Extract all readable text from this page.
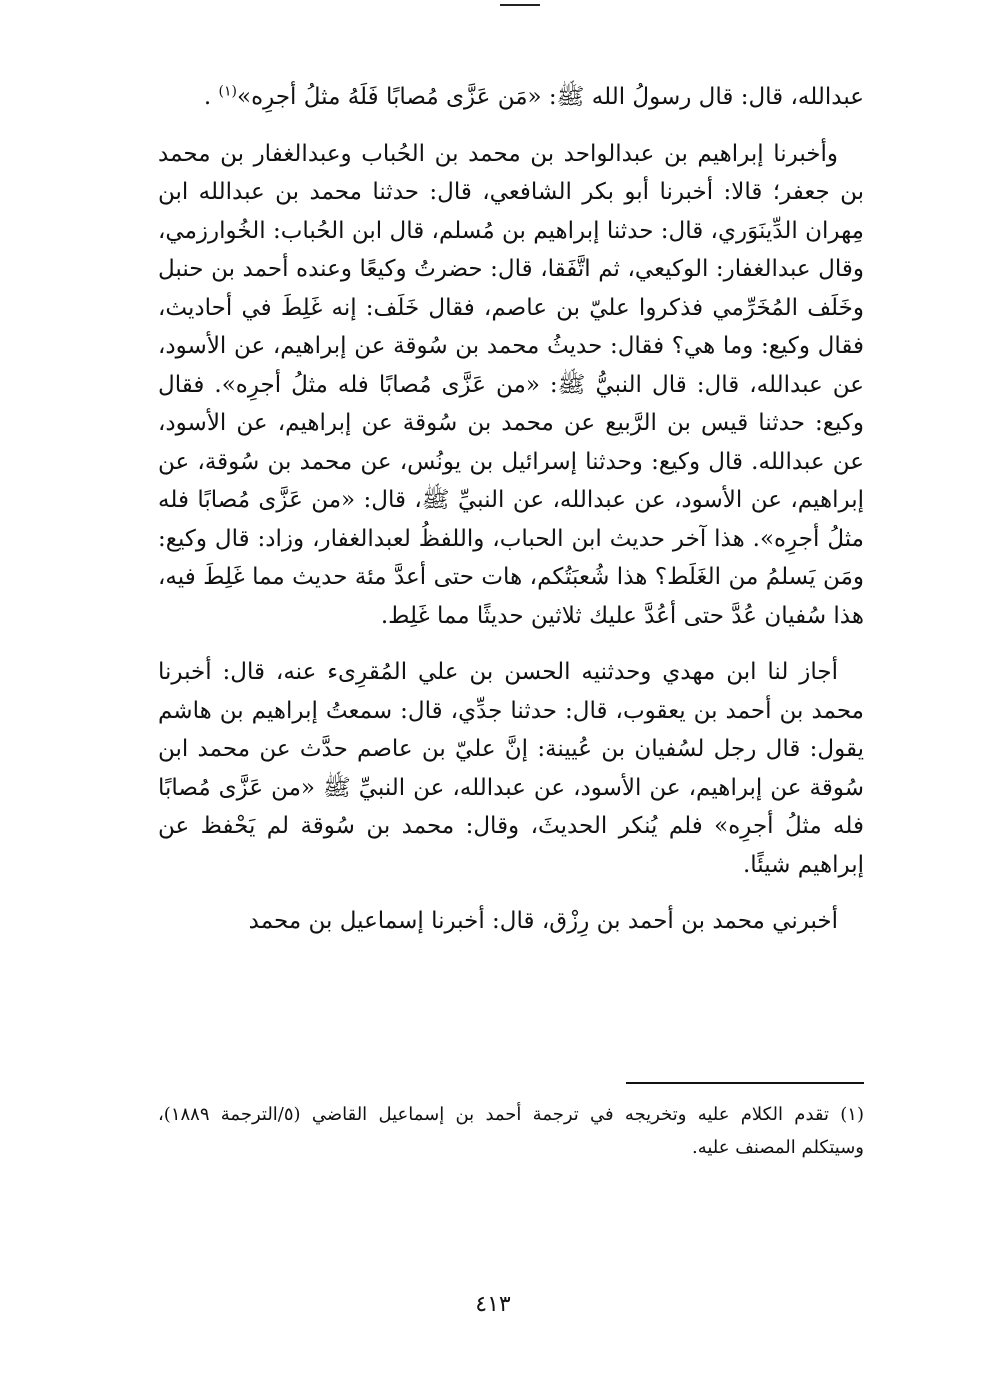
عبدالله، قال: قال رسولُ الله ﷺ: «مَن عَزَّى مُصابًا فَلَهُ مثلُ أجرِه»$^{(١)}$ .

وأخبرنا إبراهيم بن عبدالواحد بن محمد بن الحُباب وعبدالغفار بن محمد بن جعفر؛ قالا: أخبرنا أبو بكر الشافعي، قال: حدثنا محمد بن عبدالله ابن مِهران الدِّينَوَري، قال: حدثنا إبراهيم بن مُسلم، قال ابن الحُباب: الخُوارزمي، وقال عبدالغفار: الوكيعي، ثم اتَّفَقا، قال: حضرتُ وكيعًا وعنده أحمد بن حنبل وخَلَف المُخَرِّمي فذكروا عليّ بن عاصم، فقال خَلَف: إنه غَلِطَ في أحاديث، فقال وكيع: وما هي؟ فقال: حديثُ محمد بن سُوقة عن إبراهيم، عن الأسود، عن عبدالله، قال: قال النبيُّ ﷺ: «من عَزَّى مُصابًا فله مثلُ أجرِه». فقال وكيع: حدثنا قيس بن الرَّبيع عن محمد بن سُوقة عن إبراهيم، عن الأسود، عن عبدالله. قال وكيع: وحدثنا إسرائيل بن يونُس، عن محمد بن سُوقة، عن إبراهيم، عن الأسود، عن عبدالله، عن النبيِّ ﷺ، قال: «من عَزَّى مُصابًا فله مثلُ أجرِه». هذا آخر حديث ابن الحباب، واللفظُ لعبدالغفار، وزاد: قال وكيع: ومَن يَسلمُ من الغَلَط؟ هذا شُعبَتُكم، هات حتى أعدَّ مئة حديث مما غَلِطَ فيه، هذا سُفيان عُدَّ حتى أعُدَّ عليك ثلاثين حديثًا مما غَلِط.

أجاز لنا ابن مهدي وحدثنيه الحسن بن علي المُقرِىء عنه، قال: أخبرنا محمد بن أحمد بن يعقوب، قال: حدثنا جدِّي، قال: سمعتُ إبراهيم بن هاشم يقول: قال رجل لسُفيان بن عُيينة: إنَّ عليّ بن عاصم حدَّث عن محمد ابن سُوقة عن إبراهيم، عن الأسود، عن عبدالله، عن النبيِّ ﷺ «من عَزَّى مُصابًا فله مثلُ أجرِه» فلم يُنكر الحديثَ، وقال: محمد بن سُوقة لم يَحْفظ عن إبراهيم شيئًا.

أخبرني محمد بن أحمد بن رِزْق، قال: أخبرنا إسماعيل بن محمد

(١) تقدم الكلام عليه وتخريجه في ترجمة أحمد بن إسماعيل القاضي (٥/الترجمة ١٨٨٩)، وسيتكلم المصنف عليه.

٤١٣
